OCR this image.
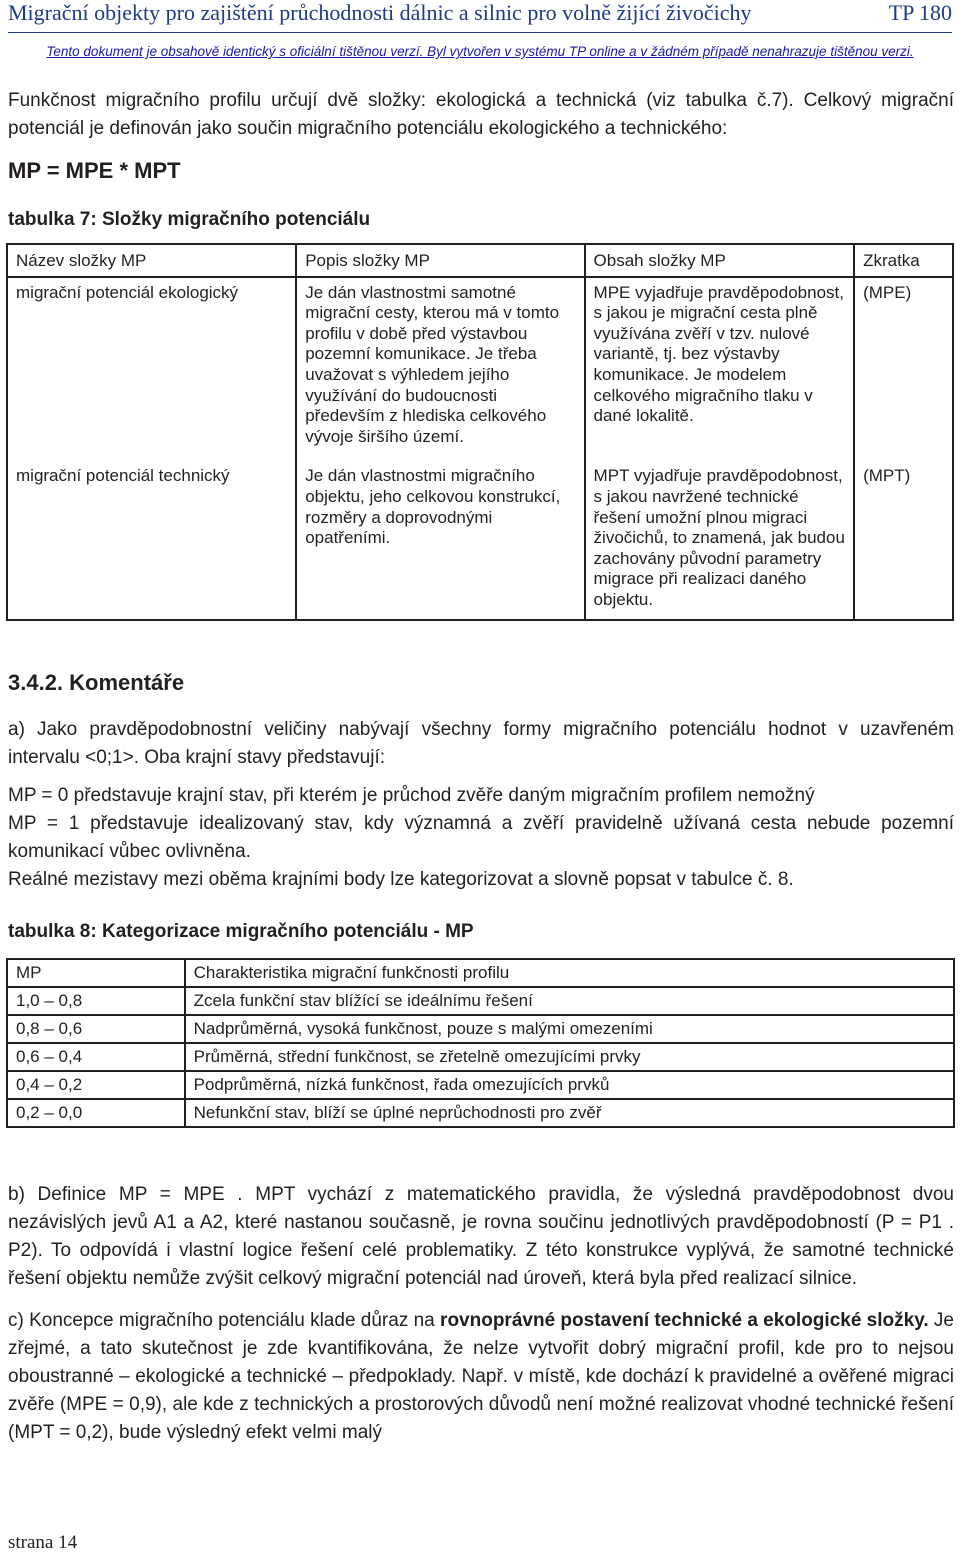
Migrační objekty pro zajištění průchodnosti dálnic a silnic pro volně žijící živočichy	TP 180
Tento dokument je obsahově identický s oficiální tištěnou verzí. Byl vytvořen v systému TP online a v žádném případě nenahrazuje tištěnou verzi.

Funkčnost migračního profilu určují dvě složky: ekologická a technická (viz tabulka č.7). Celkový migrační potenciál je definován jako součin migračního potenciálu ekologického a technického:

MP = MPE * MPT
tabulka 7: Složky migračního potenciálu
Název složky MP	Popis složky MP	Obsah složky MP	Zkratka
migrační potenciál ekologický	Je dán vlastnostmi samotné migrační cesty, kterou má v tomto profilu v době před výstavbou pozemní komunikace. Je třeba uvažovat s výhledem jejího využívání do budoucnosti především z hlediska celkového vývoje širšího území.	MPE vyjadřuje pravděpodobnost, s jakou je migrační cesta plně využívána zvěří v tzv. nulové variantě, tj. bez výstavby komunikace. Je modelem celkového migračního tlaku v dané lokalitě.	(MPE)
migrační potenciál technický	Je dán vlastnostmi migračního objektu, jeho celkovou konstrukcí, rozměry a doprovodnými opatřeními.	MPT vyjadřuje pravděpodobnost, s jakou navržené technické řešení umožní plnou migraci živočichů, to znamená, jak budou zachovány původní parametry migrace při realizaci daného objektu.	(MPT)
3.4.2. Komentáře

a) Jako pravděpodobnostní veličiny nabývají všechny formy migračního potenciálu hodnot v uzavřeném intervalu <0;1>. Oba krajní stavy představují:

MP = 0 představuje krajní stav, při kterém je průchod zvěře daným migračním profilem nemožný

MP = 1 představuje idealizovaný stav, kdy významná a zvěří pravidelně užívaná cesta nebude pozemní komunikací vůbec ovlivněna.

Reálné mezistavy mezi oběma krajními body lze kategorizovat a slovně popsat v tabulce č. 8.

tabulka 8: Kategorizace migračního potenciálu - MP
MP	Charakteristika migrační funkčnosti profilu
1,0 – 0,8	Zcela funkční stav blížící se ideálnímu řešení
0,8 – 0,6	Nadprůměrná, vysoká funkčnost, pouze s malými omezeními
0,6 – 0,4	Průměrná, střední funkčnost, se zřetelně omezujícími prvky
0,4 – 0,2	Podprůměrná, nízká funkčnost, řada omezujících prvků
0,2 – 0,0	Nefunkční stav, blíží se úplné neprůchodnosti pro zvěř

b) Definice MP = MPE . MPT vychází z matematického pravidla, že výsledná pravděpodobnost dvou nezávislých jevů A1 a A2, které nastanou současně, je rovna součinu jednotlivých pravděpodobností (P = P1 . P2). To odpovídá i vlastní logice řešení celé problematiky. Z této konstrukce vyplývá, že samotné technické řešení objektu nemůže zvýšit celkový migrační potenciál nad úroveň, která byla před realizací silnice.

c) Koncepce migračního potenciálu klade důraz na rovnoprávné postavení technické a ekologické složky. Je zřejmé, a tato skutečnost je zde kvantifikována, že nelze vytvořit dobrý migrační profil, kde pro to nejsou oboustranné – ekologické a technické – předpoklady. Např. v místě, kde dochází k pravidelné a ověřené migraci zvěře (MPE = 0,9), ale kde z technických a prostorových důvodů není možné realizovat vhodné technické řešení (MPT = 0,2), bude výsledný efekt velmi malý

strana 14
